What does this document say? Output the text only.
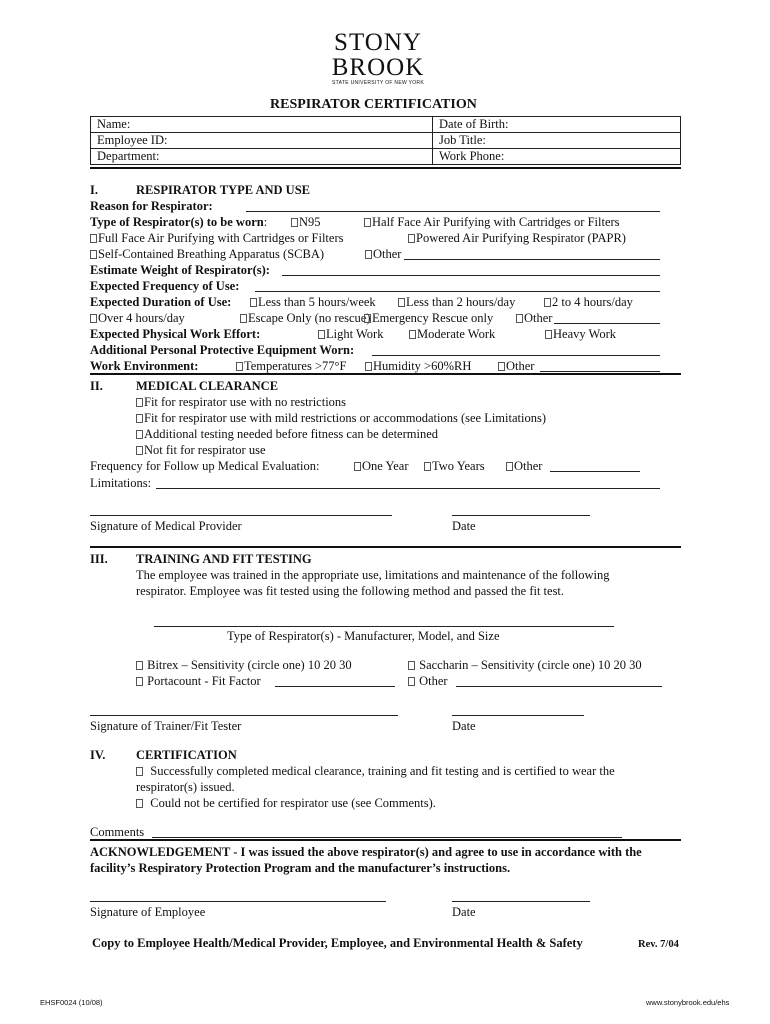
STONY
BROOK
STATE UNIVERSITY OF NEW YORK
RESPIRATOR CERTIFICATION
Name:	Date of Birth:
Employee ID:	Job Title:
Department:	Work Phone:
I.	RESPIRATOR TYPE AND USE
Reason for Respirator:
Type of Respirator(s) to be worn:	N95	Half Face Air Purifying with Cartridges or Filters
Full Face Air Purifying with Cartridges or Filters	Powered Air Purifying Respirator (PAPR)
Self-Contained Breathing Apparatus (SCBA)	Other
Estimate Weight of Respirator(s):
Expected Frequency of Use:
Expected Duration of Use:	Less than 5 hours/week	Less than 2 hours/day	2 to 4 hours/day
Over 4 hours/day	Escape Only (no rescue) Emergency Rescue only	Other
Expected Physical Work Effort:	Light Work	Moderate Work	Heavy Work
Additional Personal Protective Equipment Worn:
Work Environment:	Temperatures >77°F	Humidity >60%RH	Other
II.	MEDICAL CLEARANCE
Fit for respirator use with no restrictions
Fit for respirator use with mild restrictions or accommodations (see Limitations)
Additional testing needed before fitness can be determined
Not fit for respirator use
Frequency for Follow up Medical Evaluation:	One Year	Two Years	Other
Limitations:
Signature of Medical Provider	Date
III. TRAINING AND FIT TESTING
The employee was trained in the appropriate use, limitations and maintenance of the following
respirator. Employee was fit tested using the following method and passed the fit test.
Type of Respirator(s) - Manufacturer, Model, and Size
Bitrex – Sensitivity (circle one) 10 20 30	Saccharin – Sensitivity (circle one) 10 20 30
Portacount - Fit Factor	Other
Signature of Trainer/Fit Tester	Date
IV. CERTIFICATION
Successfully completed medical clearance, training and fit testing and is certified to wear the
respirator(s) issued.
Could not be certified for respirator use (see Comments).
Comments
ACKNOWLEDGEMENT - I was issued the above respirator(s) and agree to use in accordance with the
facility’s Respiratory Protection Program and the manufacturer’s instructions.
Signature of Employee	Date
Copy to Employee Health/Medical Provider, Employee, and Environmental Health & Safety	Rev. 7/04
EHSF0024 (10/08)	www.stonybrook.edu/ehs
